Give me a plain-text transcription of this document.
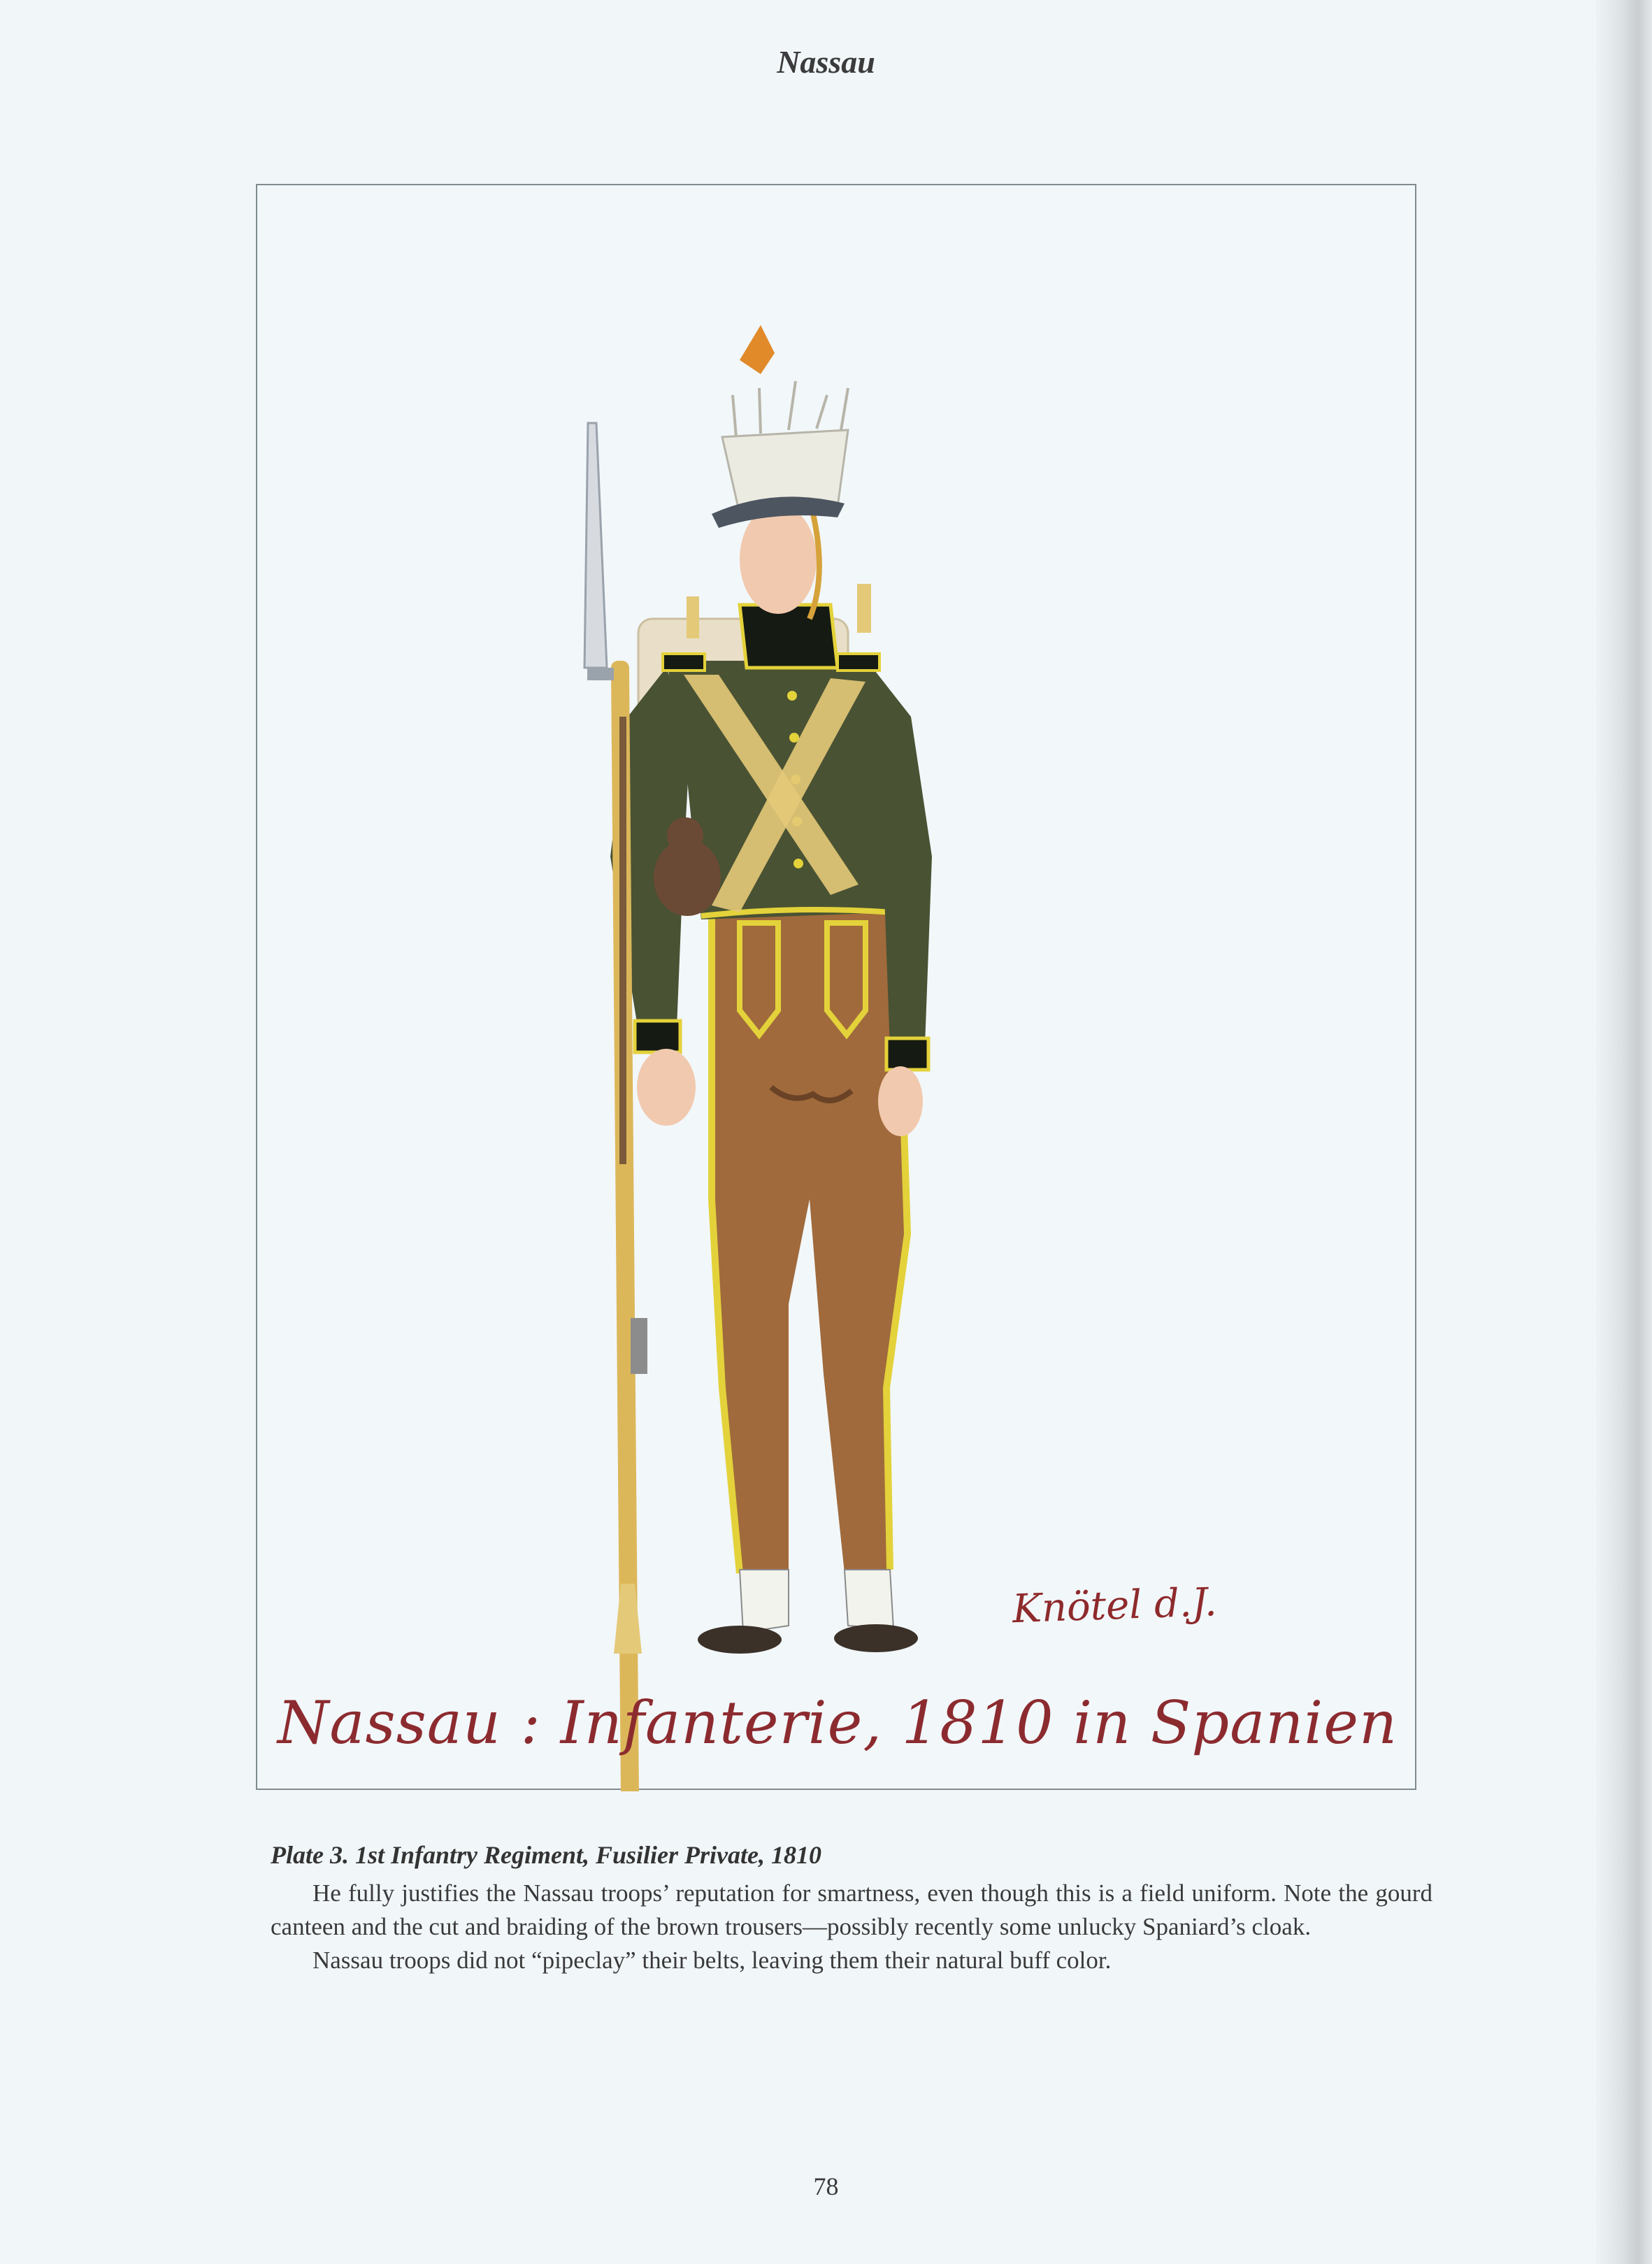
Nassau
Knötel d.J.
Nassau : Infanterie, 1810 in Spanien

Plate 3. 1st Infantry Regiment, Fusilier Private, 1810

He fully justifies the Nassau troops’ reputation for smartness, even though this is a field uniform. Note the gourd canteen and the cut and braiding of the brown trousers—possibly recently some unlucky Spaniard’s cloak.

Nassau troops did not “pipeclay” their belts, leaving them their natural buff color.

78
